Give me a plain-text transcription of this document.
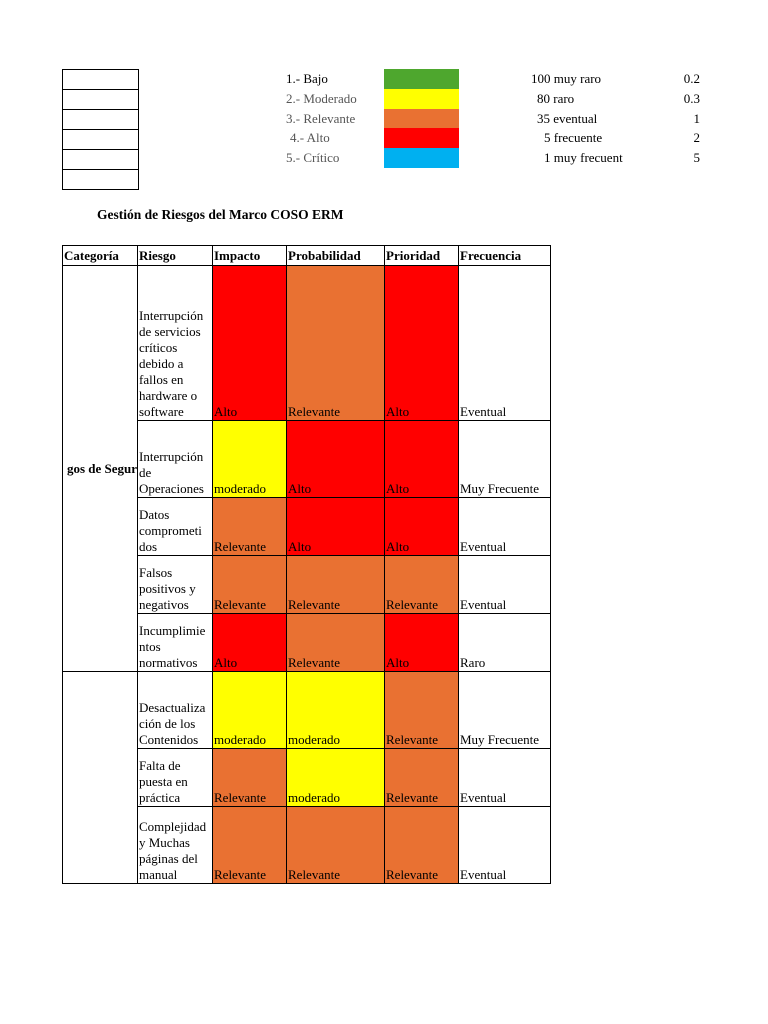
1.- Bajo	100 muy raro	0.2
2.- Moderado	80 raro	0.3
3.- Relevante	35 eventual	1
4.- Alto	5 frecuente	2
5.- Crítico	1 muy frecuent	5
Gestión de Riesgos del Marco COSO ERM
Categoría	Riesgo	Impacto	Probabilidad	Prioridad	Frecuencia
gos de Segur	Interrupción de servicios críticos debido a fallos en hardware o software	Alto	Relevante	Alto	Eventual
	Interrupción de Operaciones	moderado	Alto	Alto	Muy Frecuente
	Datos comprometi dos	Relevante	Alto	Alto	Eventual
	Falsos positivos y negativos	Relevante	Relevante	Relevante	Eventual
	Incumplimie ntos normativos	Alto	Relevante	Alto	Raro
	Desactualiza ción de los Contenidos	moderado	moderado	Relevante	Muy Frecuente
	Falta de puesta en práctica	Relevante	moderado	Relevante	Eventual
	Complejidad y Muchas páginas del manual	Relevante	Relevante	Relevante	Eventual
